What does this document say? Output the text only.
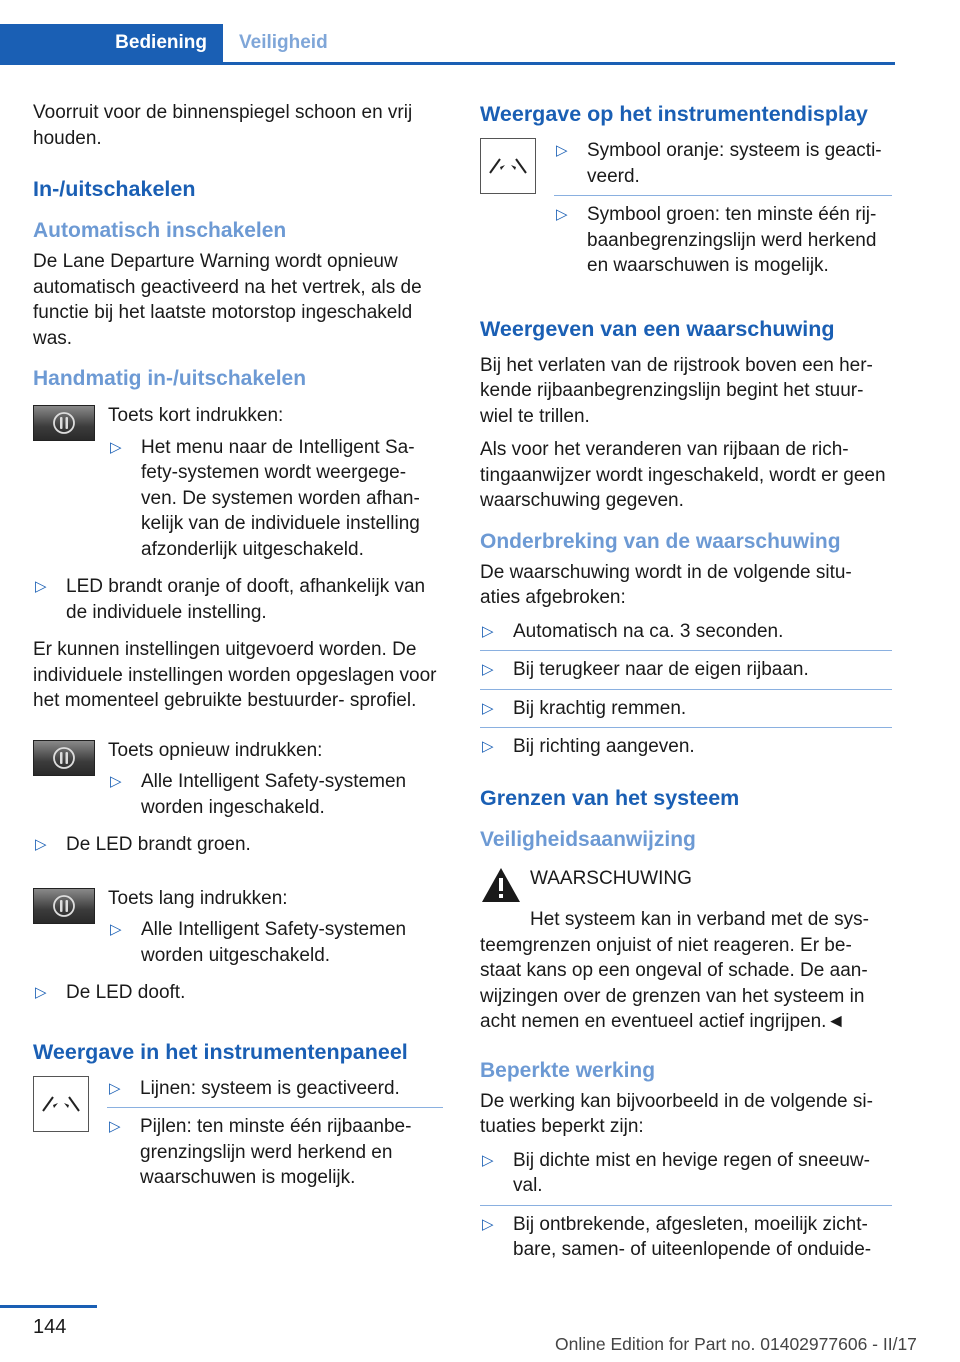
Bediening	Veiligheid

Voorruit voor de binnenspiegel schoon en vrij houden.

In-/uitschakelen
Automatisch inschakelen

De Lane Departure Warning wordt opnieuw automatisch geactiveerd na het vertrek, als de functie bij het laatste motorstop ingeschakeld was.

Handmatig in-/uitschakelen

Toets kort indrukken:

▷ Het menu naar de Intelligent Sa- fety-systemen wordt weergege- ven. De systemen worden afhan- kelijk van de individuele instelling afzonderlijk uitgeschakeld.
▷ LED brandt oranje of dooft, afhankelijk van de individuele instelling.

Er kunnen instellingen uitgevoerd worden. De individuele instellingen worden opgeslagen voor het momenteel gebruikte bestuurder- sprofiel.

Toets opnieuw indrukken:

▷ Alle Intelligent Safety-systemen worden ingeschakeld.
▷ De LED brandt groen.

Toets lang indrukken:

▷ Alle Intelligent Safety-systemen worden uitgeschakeld.
▷ De LED dooft.
Weergave in het instrumentenpaneel
▷ Lijnen: systeem is geactiveerd.
▷ Pijlen: ten minste één rijbaanbe- grenzingslijn werd herkend en waarschuwen is mogelijk.
Weergave op het instrumentendisplay
▷ Symbool oranje: systeem is geacti- veerd.
▷ Symbool groen: ten minste één rij- baanbegrenzingslijn werd herkend en waarschuwen is mogelijk.
Weergeven van een waarschuwing

Bij het verlaten van de rijstrook boven een her- kende rijbaanbegrenzingslijn begint het stuur- wiel te trillen.

Als voor het veranderen van rijbaan de rich- tingaanwijzer wordt ingeschakeld, wordt er geen waarschuwing gegeven.

Onderbreking van de waarschuwing

De waarschuwing wordt in de volgende situ- aties afgebroken:

▷ Automatisch na ca. 3 seconden.
▷ Bij terugkeer naar de eigen rijbaan.
▷ Bij krachtig remmen.
▷ Bij richting aangeven.
Grenzen van het systeem
Veiligheidsaanwijzing
WAARSCHUWING

Het systeem kan in verband met de sys- teemgrenzen onjuist of niet reageren. Er be- staat kans op een ongeval of schade. De aan- wijzingen over de grenzen van het systeem in acht nemen en eventueel actief ingrijpen.◄

Beperkte werking

De werking kan bijvoorbeeld in de volgende si- tuaties beperkt zijn:

▷ Bij dichte mist en hevige regen of sneeuw- val.
▷ Bij ontbrekende, afgesleten, moeilijk zicht- bare, samen- of uiteenlopende of onduide-
144
Online Edition for Part no. 01402977606 - II/17
